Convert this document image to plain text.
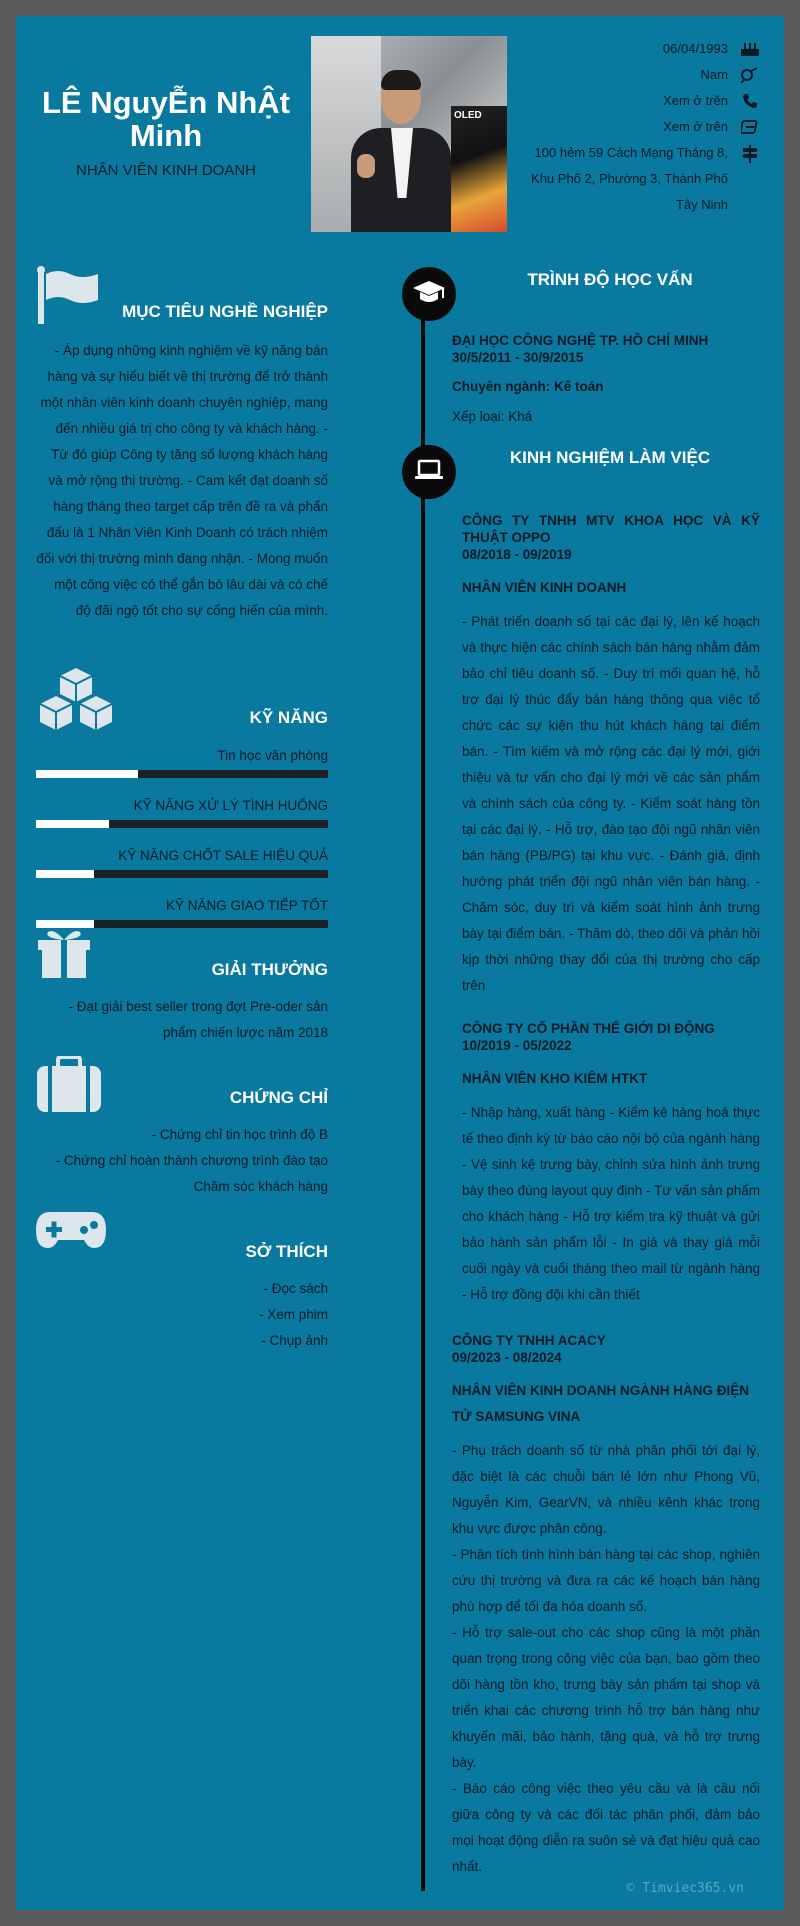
LÊ NguyỄn NhẬt Minh
NHÂN VIÊN KINH DOANH
OLED
06/04/1993
Nam
Xem ở trên
Xem ở trên
100 hẻm 59 Cách Mạng Tháng 8, Khu Phố 2, Phường 3, Thành Phố Tây Ninh
MỤC TIÊU NGHỀ NGHIỆP
- Áp dụng những kinh nghiệm về kỹ năng bán hàng và sự hiểu biết về thị trường để trở thành một nhân viên kinh doanh chuyên nghiệp, mang đến nhiều giá trị cho công ty và khách hàng. - Từ đó giúp Công ty tăng số lượng khách hàng và mở rộng thị trường. - Cam kết đạt doanh số hàng tháng theo target cấp trên đề ra và phấn đấu là 1 Nhân Viên Kinh Doanh có trách nhiệm đối với thị trường mình đang nhận. - Mong muốn một công việc có thể gắn bó lâu dài và có chế độ đãi ngộ tốt cho sự cống hiến của mình.
KỸ NĂNG
Tin học văn phòng
KỸ NĂNG XỬ LÝ TÌNH HUỐNG
KỸ NĂNG CHỐT SALE HIỆU QUẢ
KỸ NĂNG GIAO TIẾP TỐT
GIẢI THƯỞNG
- Đạt giải best seller trong đợt Pre-oder sản phẩm chiến lược năm 2018
CHỨNG CHỈ
- Chứng chỉ tin học trình độ B
- Chứng chỉ hoàn thành chương trình đào tạo Chăm sóc khách hàng
SỞ THÍCH
- Đọc sách
- Xem phim
- Chụp ảnh
TRÌNH ĐỘ HỌC VẤN
ĐẠI HỌC CÔNG NGHỆ TP. HỒ CHÍ MINH
30/5/2011 - 30/9/2015
Chuyên ngành: Kế toán
Xếp loại: Khá
KINH NGHIỆM LÀM VIỆC
CÔNG TY TNHH MTV KHOA HỌC VÀ KỸ THUẬT OPPO
08/2018 - 09/2019
NHÂN VIÊN KINH DOANH
- Phát triển doanh số tại các đại lý, lên kế hoạch và thực hiện các chính sách bán hàng nhằm đảm bảo chỉ tiêu doanh số. - Duy trì mối quan hệ, hỗ trợ đại lý thúc đẩy bán hàng thông qua việc tổ chức các sự kiện thu hút khách hàng tại điểm bán. - Tìm kiếm và mở rộng các đại lý mới, giới thiệu và tư vấn cho đại lý mới về các sản phẩm và chính sách của công ty. - Kiểm soát hàng tồn tại các đại lý. - Hỗ trợ, đào tạo đội ngũ nhân viên bán hàng (PB/PG) tại khu vực. - Đánh giá, định hướng phát triển đội ngũ nhân viên bán hàng. - Chăm sóc, duy trì và kiểm soát hình ảnh trưng bày tại điểm bán. - Thăm dò, theo dõi và phản hồi kịp thời những thay đổi của thị trường cho cấp trên
CÔNG TY CỔ PHẦN THẾ GIỚI DI ĐỘNG
10/2019 - 05/2022
NHÂN VIÊN KHO KIÊM HTKT
- Nhập hàng, xuất hàng - Kiểm kê hàng hoá thực tế theo định kỳ từ báo cáo nội bộ của ngành hàng - Vệ sinh kệ trưng bày, chỉnh sửa hình ảnh trưng bày theo đúng layout quy định - Tư vấn sản phẩm cho khách hàng - Hỗ trợ kiểm tra kỹ thuật và gửi bảo hành sản phẩm lỗi - In giá và thay giá mỗi cuối ngày và cuối tháng theo mail từ ngành hàng - Hỗ trợ đồng đội khi cần thiết
CÔNG TY TNHH ACACY
09/2023 - 08/2024
NHÂN VIÊN KINH DOANH NGÀNH HÀNG ĐIỆN TỬ SAMSUNG VINA
- Phụ trách doanh số từ nhà phân phối tới đại lý, đặc biệt là các chuỗi bán lẻ lớn như Phong Vũ, Nguyễn Kim, GearVN, và nhiều kênh khác trong khu vực được phân công.
- Phân tích tình hình bán hàng tại các shop, nghiên cứu thị trường và đưa ra các kế hoạch bán hàng phù hợp để tối đa hóa doanh số.
- Hỗ trợ sale-out cho các shop cũng là một phần quan trọng trong công việc của bạn, bao gồm theo dõi hàng tồn kho, trưng bày sản phẩm tại shop và triển khai các chương trình hỗ trợ bán hàng như khuyến mãi, bảo hành, tặng quà, và hỗ trợ trưng bày.
- Báo cáo công việc theo yêu cầu và là cầu nối giữa công ty và các đối tác phân phối, đảm bảo mọi hoạt động diễn ra suôn sẻ và đạt hiệu quả cao nhất.
© Timviec365.vn
